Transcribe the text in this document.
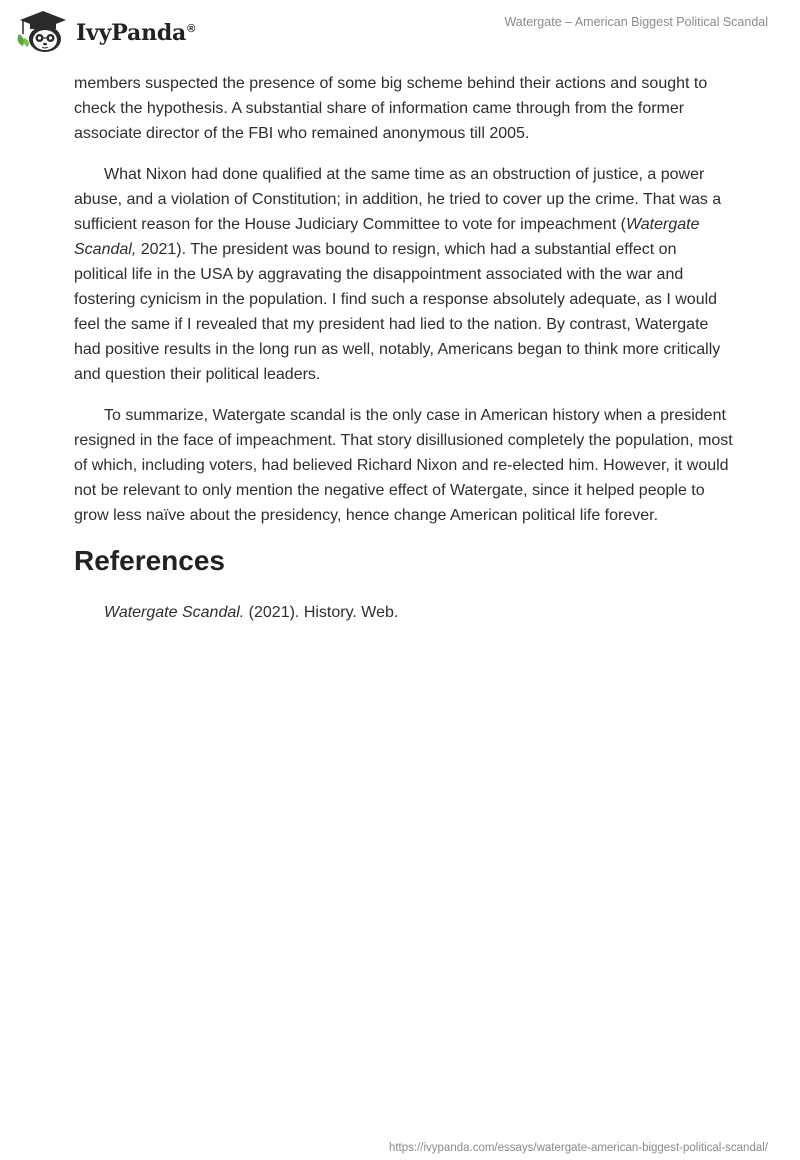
IvyPanda®	Watergate – American Biggest Political Scandal

members suspected the presence of some big scheme behind their actions and sought to check the hypothesis. A substantial share of information came through from the former associate director of the FBI who remained anonymous till 2005.

What Nixon had done qualified at the same time as an obstruction of justice, a power abuse, and a violation of Constitution; in addition, he tried to cover up the crime. That was a sufficient reason for the House Judiciary Committee to vote for impeachment (Watergate Scandal, 2021). The president was bound to resign, which had a substantial effect on political life in the USA by aggravating the disappointment associated with the war and fostering cynicism in the population. I find such a response absolutely adequate, as I would feel the same if I revealed that my president had lied to the nation. By contrast, Watergate had positive results in the long run as well, notably, Americans began to think more critically and question their political leaders.

To summarize, Watergate scandal is the only case in American history when a president resigned in the face of impeachment. That story disillusioned completely the population, most of which, including voters, had believed Richard Nixon and re-elected him. However, it would not be relevant to only mention the negative effect of Watergate, since it helped people to grow less naïve about the presidency, hence change American political life forever.

References

Watergate Scandal. (2021). History. Web.

https://ivypanda.com/essays/watergate-american-biggest-political-scandal/
